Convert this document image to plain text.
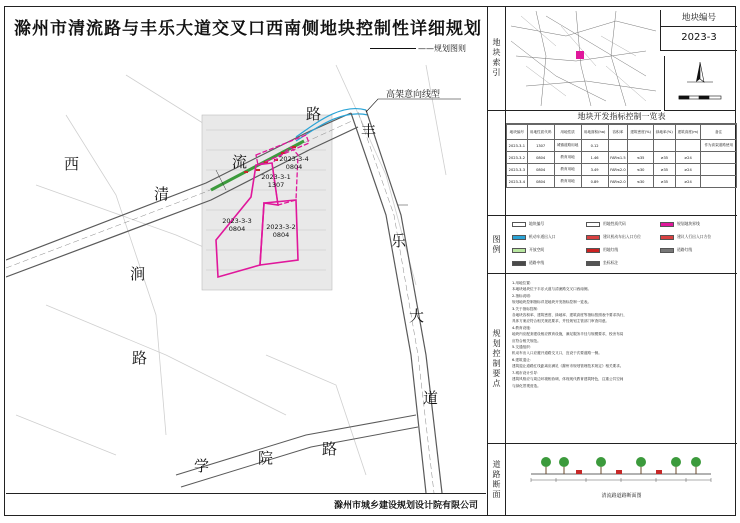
滁州市清流路与丰乐大道交叉口西南侧地块控制性详细规划
——规划图则
西
清
流
路
丰
乐
大
道
涧
路
学	院	路
高架意向线型
2023-3-4
0804
2023-3-1
1307
2023-3-3
0804	2023-3-2
0804
滁州市城乡建设规划设计院有限公司
地块编号
2023-3
地块索引
地块开发指标控制一览表
地块编号	用地性质代码	用地性质	用地面积(ha)	容积率	建筑密度(%)	绿地率(%)	建筑高度(m)	备注
2023-3-1	1307	城镇道路用地	0.12					作为高架道路使用
2023-3-2	0804	教育用地	1.46	FAR≤1.5	≤35	≥35	≥24	
2023-3-3	0804	教育用地	3.49	FAR≤2.0	≤30	≥35	≥24	
2023-3-4	0804	教育用地	0.89	FAR≤2.0	≤30	≥35	≥24	
图例
地块编号	用地性质代码	规划地块界线
机动车道出入口	建议机动车出入口方位	建议人行出入口方位
开放空间	用地红线	道路红线
道路中线	坐标标注
规划控制要点
1.用地位置：
本地块地块位于丰乐大道与清流路交叉口西南侧。
2.指标说明：
规划地块控制指标详见地块开发指标控制一览表。
3.关于指标控制：
各地块容积率、建筑密度、绿地率、建筑高度等指标按照表中要求执行，
具体方案应符合相关规范要求，并经规划主管部门审查同意。
4.教育设施：
地块内应配套建设相应教育设施，满足服务半径与规模要求，校舍布局
应符合相关规范。
5.交通组织：
机动车出入口应避开道路交叉口，宜设于次要道路一侧。
6.建筑退让：
建筑退让道路红线距离应满足《滁州市规划管理技术规定》相关要求。
7.城市设计引导：
建筑风格应与周边环境相协调，体现现代教育建筑特色，注重公共空间
与绿化景观营造。
道路断面	清流路道路断面图
